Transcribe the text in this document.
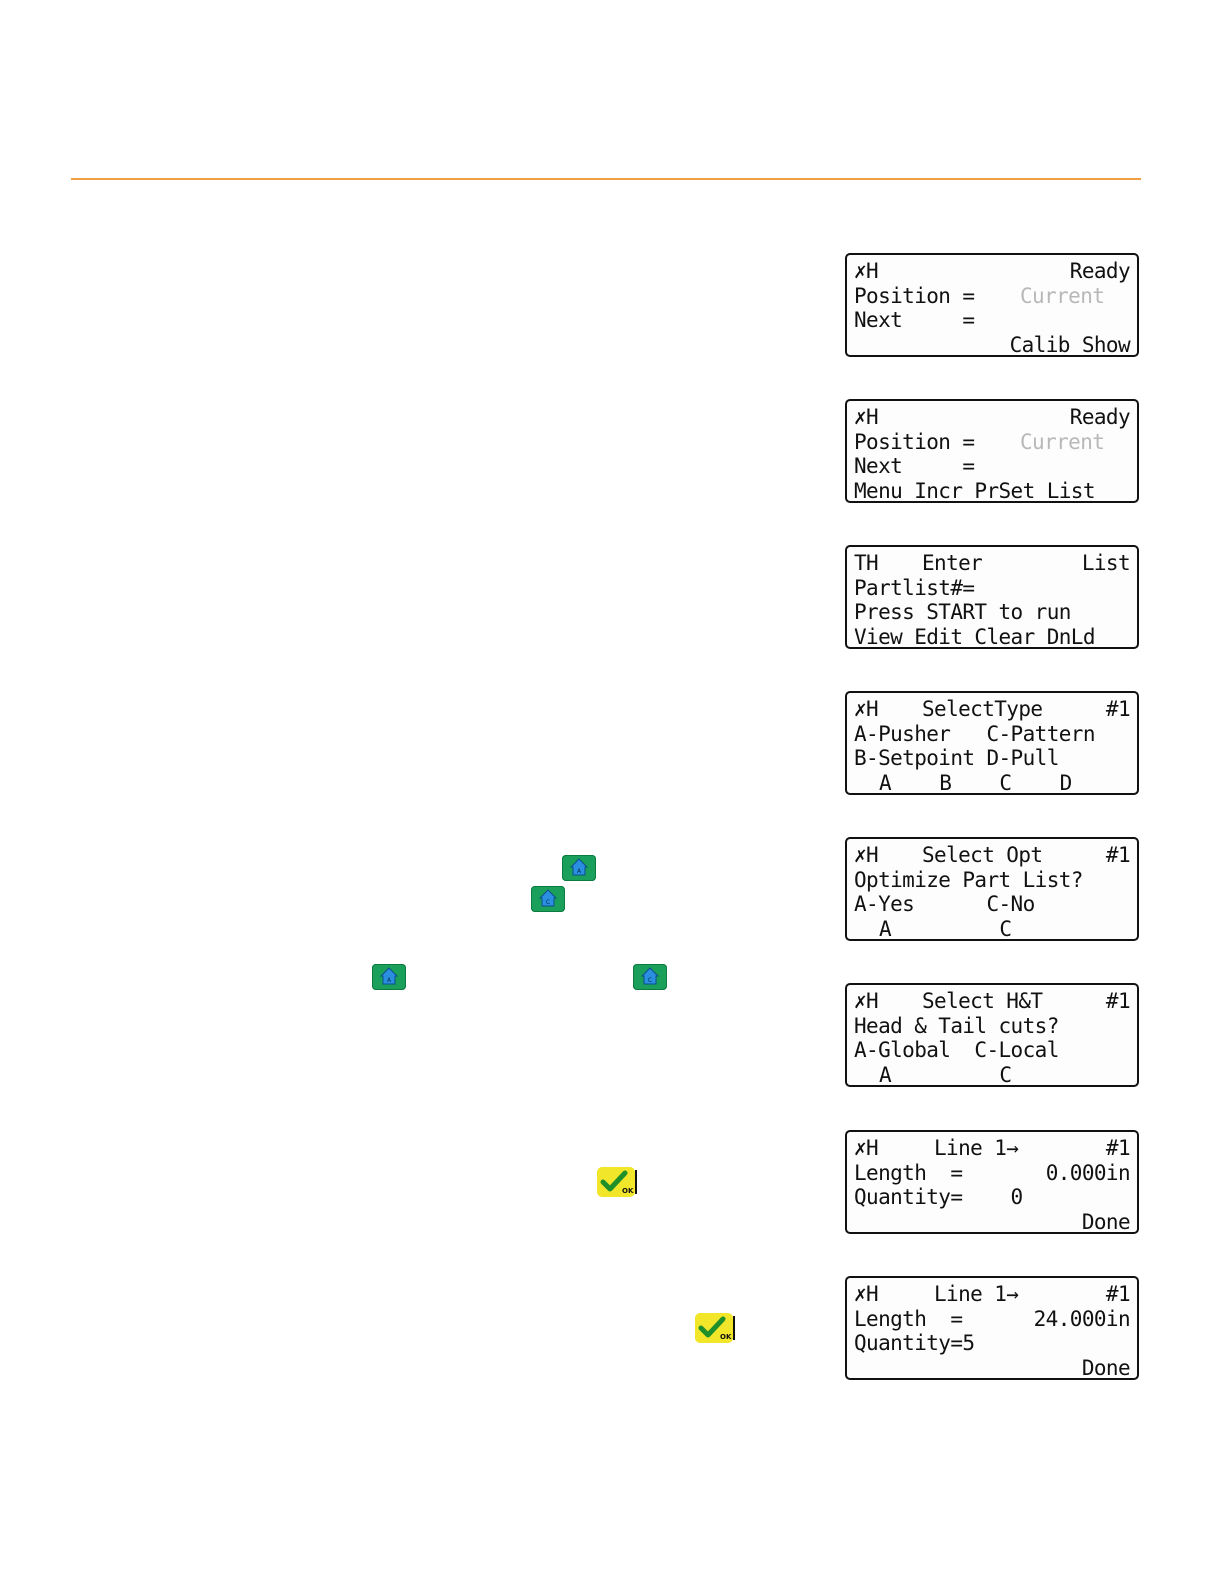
✗H	Ready
Position = Current
Next     =
Calib Show
✗H	Ready
Position = Current
Next     =
Menu Incr PrSet List
TH Enter	List
Partlist#=
Press START to run
View Edit Clear DnLd
✗H SelectType	#1
A-Pusher   C-Pattern
B-Setpoint D-Pull
A    B    C    D
✗H Select Opt	#1
Optimize Part List?
A-Yes      C-No
A         C
✗H Select H&T	#1
Head & Tail cuts?
A-Global  C-Local
A         C
✗H	Line 1→	#1
Length  =	0.000in
Quantity=    0
Done
✗H	Line 1→	#1
Length  =	24.000in
Quantity=5
Done
A
C
A	C
OK
OK
